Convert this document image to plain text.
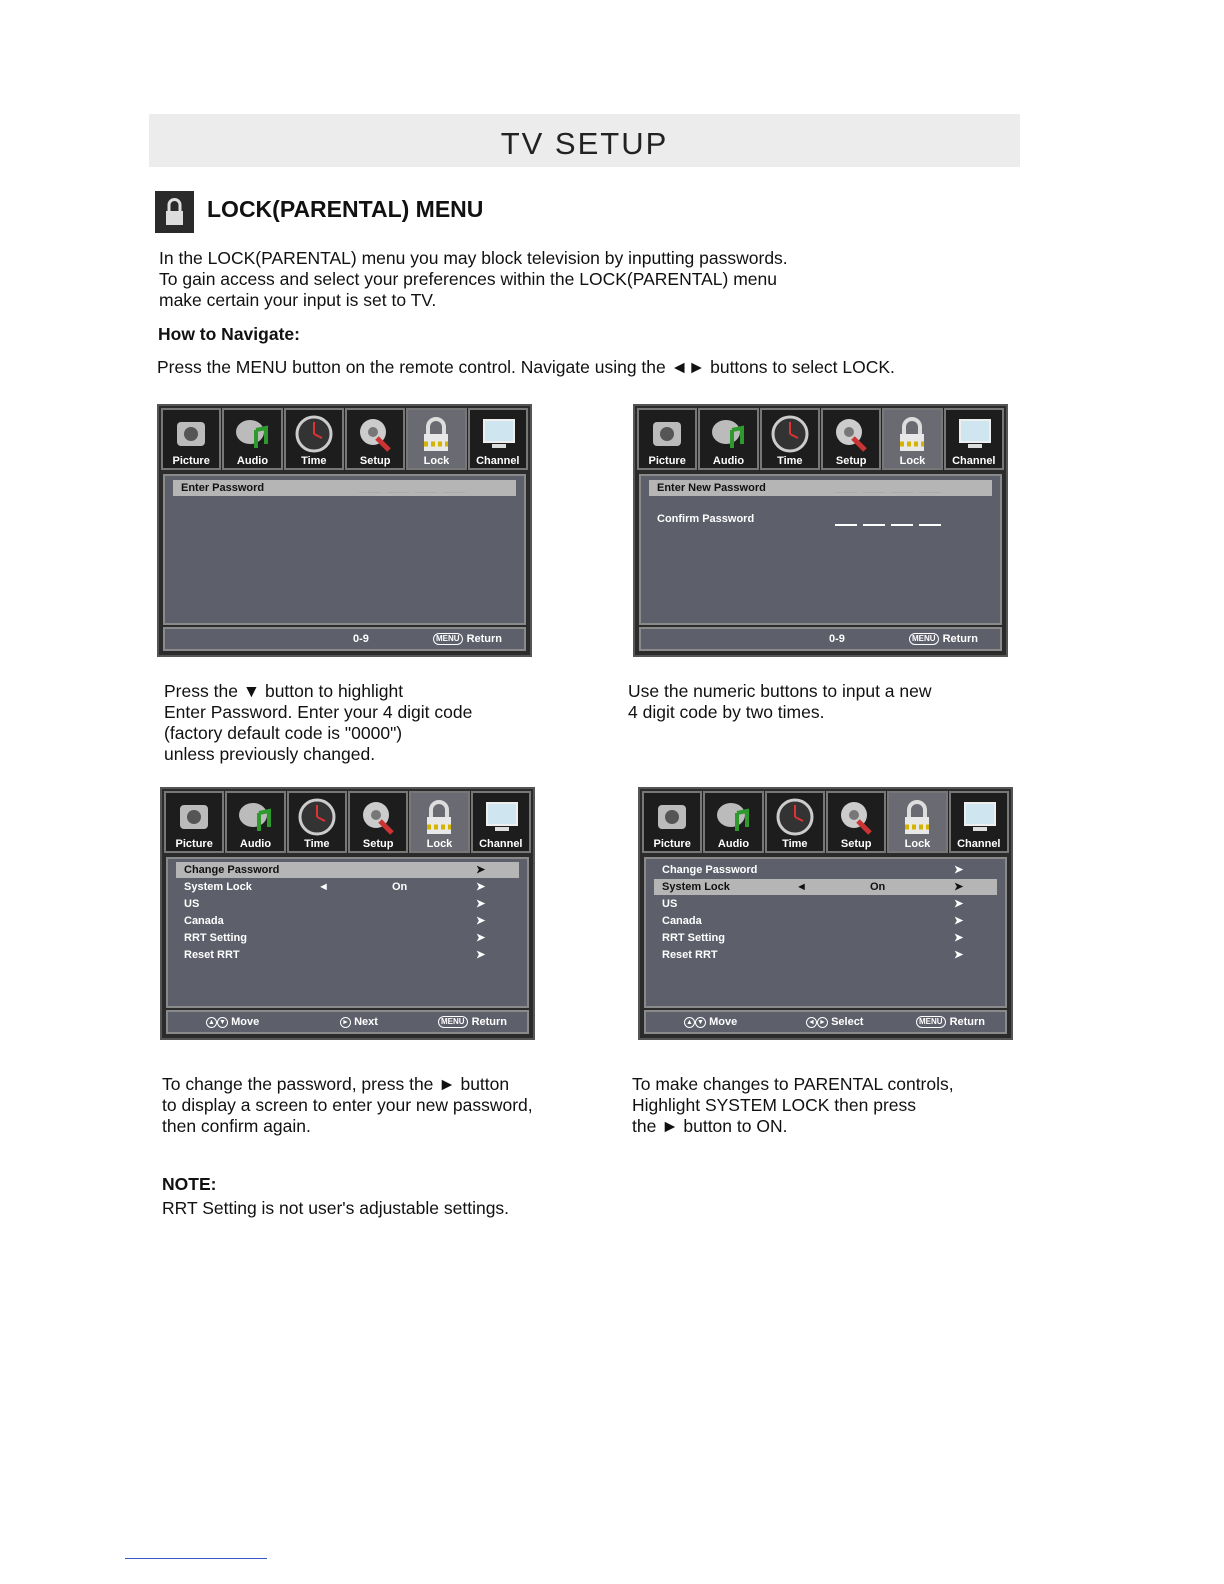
TV SETUP
LOCK(PARENTAL) MENU
In the LOCK(PARENTAL) menu you may block television by inputting passwords.
To gain access and select your preferences within the LOCK(PARENTAL) menu
make certain your input is set to TV.
How to Navigate:
Press the MENU button on the remote control. Navigate using the ◄► buttons to select LOCK.
Picture	Audio	Time	Setup	Lock	Channel
Enter Password
0-9	MENU Return
Picture	Audio	Time	Setup	Lock	Channel
Enter New Password
Confirm Password
0-9	MENU Return
Press the ▼ button to highlight
Enter Password. Enter your 4 digit code
(factory default code is "0000")
unless previously changed.
Use the numeric buttons to input a new
4 digit code by two times.
Picture	Audio	Time	Setup	Lock	Channel
Change Password	➤
System Lock	◄	On	➤
US	➤
Canada	➤
RRT Setting	➤
Reset RRT	➤
▲ ▼ Move	► Next	MENU Return
Picture	Audio	Time	Setup	Lock	Channel
Change Password	➤
System Lock	◄	On	➤
US	➤
Canada	➤
RRT Setting	➤
Reset RRT	➤
▲ ▼ Move	◄ ► Select	MENU Return
To change the password, press the ► button
to display a screen to enter your new password,
then confirm again.
To make changes to PARENTAL controls,
Highlight SYSTEM LOCK then press
the ► button to ON.
NOTE:
RRT Setting is not user's adjustable settings.
